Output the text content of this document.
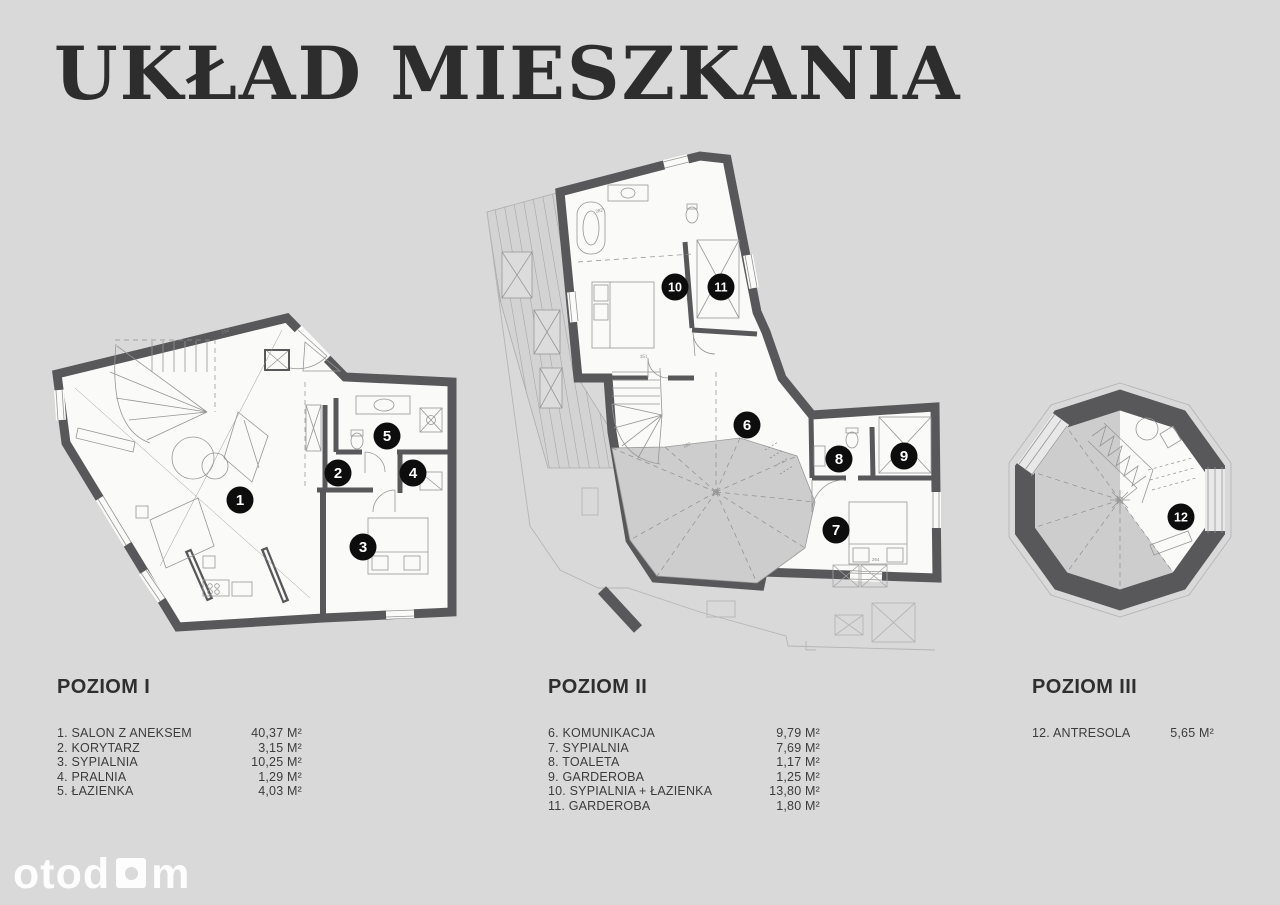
UKŁAD MIESZKANIA
214
1
2
3
4
5
351
282
182
264
10	11
6
8	9
7
12
POZIOM I
1. SALON Z ANEKSEM	40,37 M²
2. KORYTARZ	3,15 M²
3. SYPIALNIA	10,25 M²
4. PRALNIA	1,29 M²
5. ŁAZIENKA	4,03 M²
POZIOM II
6. KOMUNIKACJA	9,79 M²
7. SYPIALNIA	7,69 M²
8. TOALETA	1,17 M²
9. GARDEROBA	1,25 M²
10. SYPIALNIA + ŁAZIENKA	13,80 M²
11. GARDEROBA	1,80 M²
POZIOM III
12. ANTRESOLA	5,65 M²
otod m
